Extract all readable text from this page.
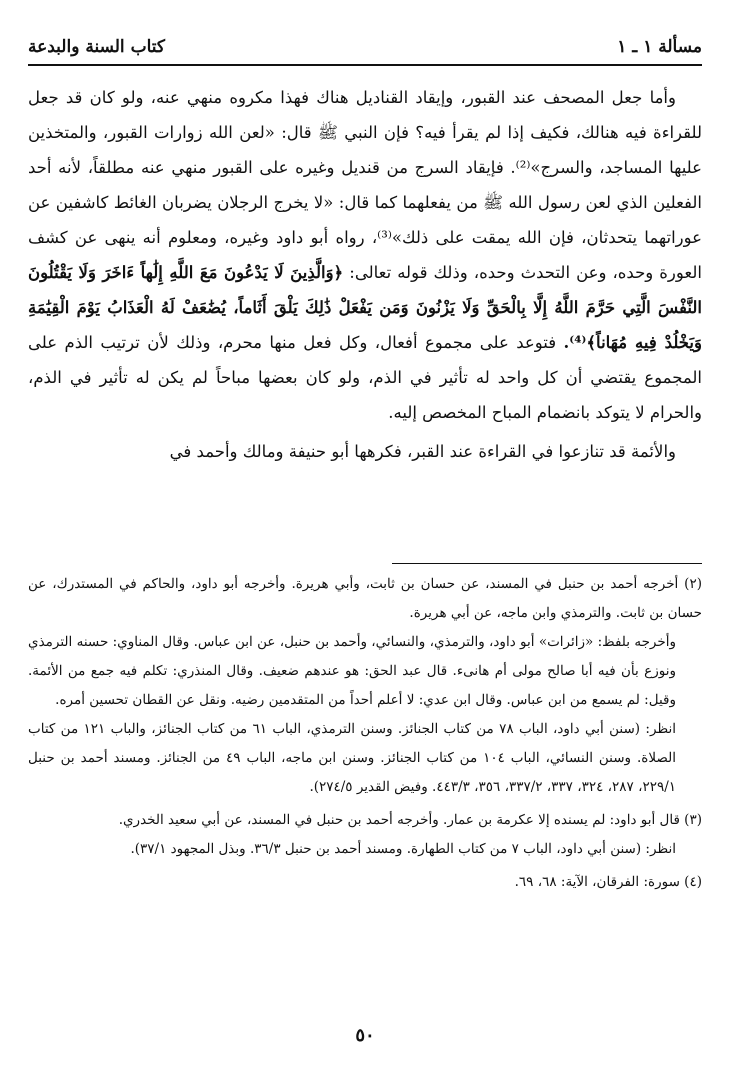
مسألة ١ ـ ١
كتاب السنة والبدعة

وأما جعل المصحف عند القبور، وإيقاد القناديل هناك فهذا مكروه منهي عنه، ولو كان قد جعل للقراءة فيه هنالك، فكيف إذا لم يقرأ فيه؟ فإن النبي ﷺ قال: «لعن الله زوارات القبور، والمتخذين عليها المساجد، والسرج»⁽²⁾. فإيقاد السرج من قنديل وغيره على القبور منهي عنه مطلقاً، لأنه أحد الفعلين الذي لعن رسول الله ﷺ من يفعلهما كما قال: «لا يخرج الرجلان يضربان الغائط كاشفين عن عوراتهما يتحدثان، فإن الله يمقت على ذلك»⁽³⁾، رواه أبو داود وغيره، ومعلوم أنه ينهى عن كشف العورة وحده، وعن التحدث وحده، وذلك قوله تعالى: ﴿وَالَّذِينَ لَا يَدْعُونَ مَعَ اللَّهِ إِلَٰهاً ءَاخَرَ وَلَا يَقْتُلُونَ النَّفْسَ الَّتِي حَرَّمَ اللَّهُ إِلَّا بِالْحَقِّ وَلَا يَزْنُونَ وَمَن يَفْعَلْ ذَٰلِكَ يَلْقَ أَثَاماً، يُضَٰعَفْ لَهُ الْعَذَابُ يَوْمَ الْقِيَٰمَةِ وَيَخْلُدْ فِيهِ مُهَاناً﴾⁽⁴⁾. فتوعد على مجموع أفعال، وكل فعل منها محرم، وذلك لأن ترتيب الذم على المجموع يقتضي أن كل واحد له تأثير في الذم، ولو كان بعضها مباحاً لم يكن له تأثير في الذم، والحرام لا يتوكد بانضمام المباح المخصص إليه.

والأئمة قد تنازعوا في القراءة عند القبر، فكرهها أبو حنيفة ومالك وأحمد في

(٢) أخرجه أحمد بن حنبل في المسند، عن حسان بن ثابت، وأبي هريرة. وأخرجه أبو داود، والحاكم في المستدرك، عن حسان بن ثابت. والترمذي وابن ماجه، عن أبي هريرة.

وأخرجه بلفظ: «زائرات» أبو داود، والترمذي، والنسائي، وأحمد بن حنبل، عن ابن عباس. وقال المناوي: حسنه الترمذي ونوزع بأن فيه أبا صالح مولى أم هانىء. قال عبد الحق: هو عندهم ضعيف. وقال المنذري: تكلم فيه جمع من الأئمة. وقيل: لم يسمع من ابن عباس. وقال ابن عدي: لا أعلم أحداً من المتقدمين رضيه. ونقل عن القطان تحسين أمره.

انظر: (سنن أبي داود، الباب ٧٨ من كتاب الجنائز. وسنن الترمذي، الباب ٦١ من كتاب الجنائز، والباب ١٢١ من كتاب الصلاة. وسنن النسائي، الباب ١٠٤ من كتاب الجنائز. وسنن ابن ماجه، الباب ٤٩ من الجنائز. ومسند أحمد بن حنبل ٢٢٩/١، ٢٨٧، ٣٢٤، ٣٣٧، ٣٣٧/٢، ٣٥٦، ٤٤٣/٣. وفيض القدير ٢٧٤/٥).

(٣) قال أبو داود: لم يسنده إلا عكرمة بن عمار. وأخرجه أحمد بن حنبل في المسند، عن أبي سعيد الخدري.

انظر: (سنن أبي داود، الباب ٧ من كتاب الطهارة. ومسند أحمد بن حنبل ٣٦/٣. وبذل المجهود ٣٧/١).

(٤) سورة: الفرقان، الآية: ٦٨، ٦٩.

٥٠
